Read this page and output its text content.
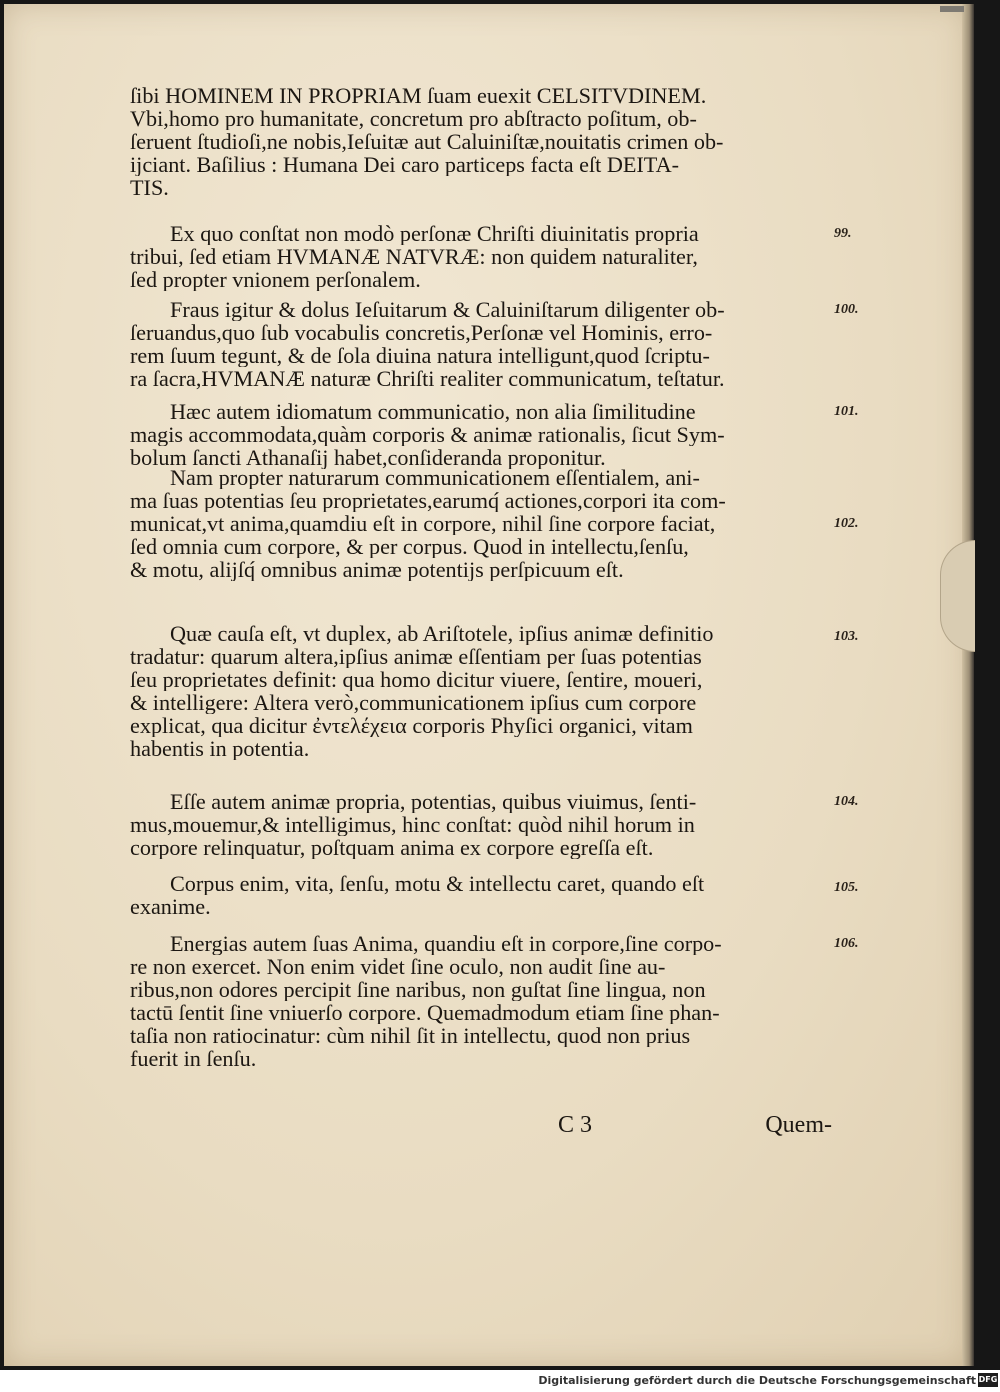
ſibi HOMINEM IN PROPRIAM ſuam euexit CELSITVDINEM.
Vbi,homo pro humanitate, concretum pro abſtracto poſitum, ob-
ſeruent ſtudioſi,ne nobis,Ieſuitæ aut Caluiniſtæ,nouitatis crimen ob-
ijciant. Baſilius : Humana Dei caro particeps facta eſt DEITA-
TIS.

Ex quo conſtat non modò perſonæ Chriſti diuinitatis propria
tribui, ſed etiam HVMANÆ NATVRÆ: non quidem naturaliter,
ſed propter vnionem perſonalem.

Fraus igitur & dolus Ieſuitarum & Caluiniſtarum diligenter ob-
ſeruandus,quo ſub vocabulis concretis,Perſonæ vel Hominis, erro-
rem ſuum tegunt, & de ſola diuina natura intelligunt,quod ſcriptu-
ra ſacra,HVMANÆ naturæ Chriſti realiter communicatum, teſtatur.

Hæc autem idiomatum communicatio, non alia ſimilitudine
magis accommodata,quàm corporis & animæ rationalis, ſicut Sym-
bolum ſancti Athanaſij habet,conſideranda proponitur.

Nam propter naturarum communicationem eſſentialem, ani-
ma ſuas potentias ſeu proprietates,earumq́ actiones,corpori ita com-
municat,vt anima,quamdiu eſt in corpore, nihil ſine corpore faciat,
ſed omnia cum corpore, & per corpus. Quod in intellectu,ſenſu,
& motu, alijſq́ omnibus animæ potentijs perſpicuum eſt.

Quæ cauſa eſt, vt duplex, ab Ariſtotele, ipſius animæ definitio
tradatur: quarum altera,ipſius animæ eſſentiam per ſuas potentias
ſeu proprietates definit: qua homo dicitur viuere, ſentire, moueri,
& intelligere: Altera verò,communicationem ipſius cum corpore
explicat, qua dicitur ἐντελέχεια corporis Phyſici organici, vitam
habentis in potentia.

Eſſe autem animæ propria, potentias, quibus viuimus, ſenti-
mus,mouemur,& intelligimus, hinc conſtat: quòd nihil horum in
corpore relinquatur, poſtquam anima ex corpore egreſſa eſt.

Corpus enim, vita, ſenſu, motu & intellectu caret, quando eſt
exanime.

Energias autem ſuas Anima, quandiu eſt in corpore,ſine corpo-
re non exercet. Non enim videt ſine oculo, non audit ſine au-
ribus,non odores percipit ſine naribus, non guſtat ſine lingua, non
tactū ſentit ſine vniuerſo corpore. Quemadmodum etiam ſine phan-
taſia non ratiocinatur: cùm nihil ſit in intellectu, quod non prius
fuerit in ſenſu.

99.
100.
101.
102.
103.
104.
105.
106.
C 3	Quem-
Digitalisierung gefördert durch die Deutsche Forschungsgemeinschaft DFG
